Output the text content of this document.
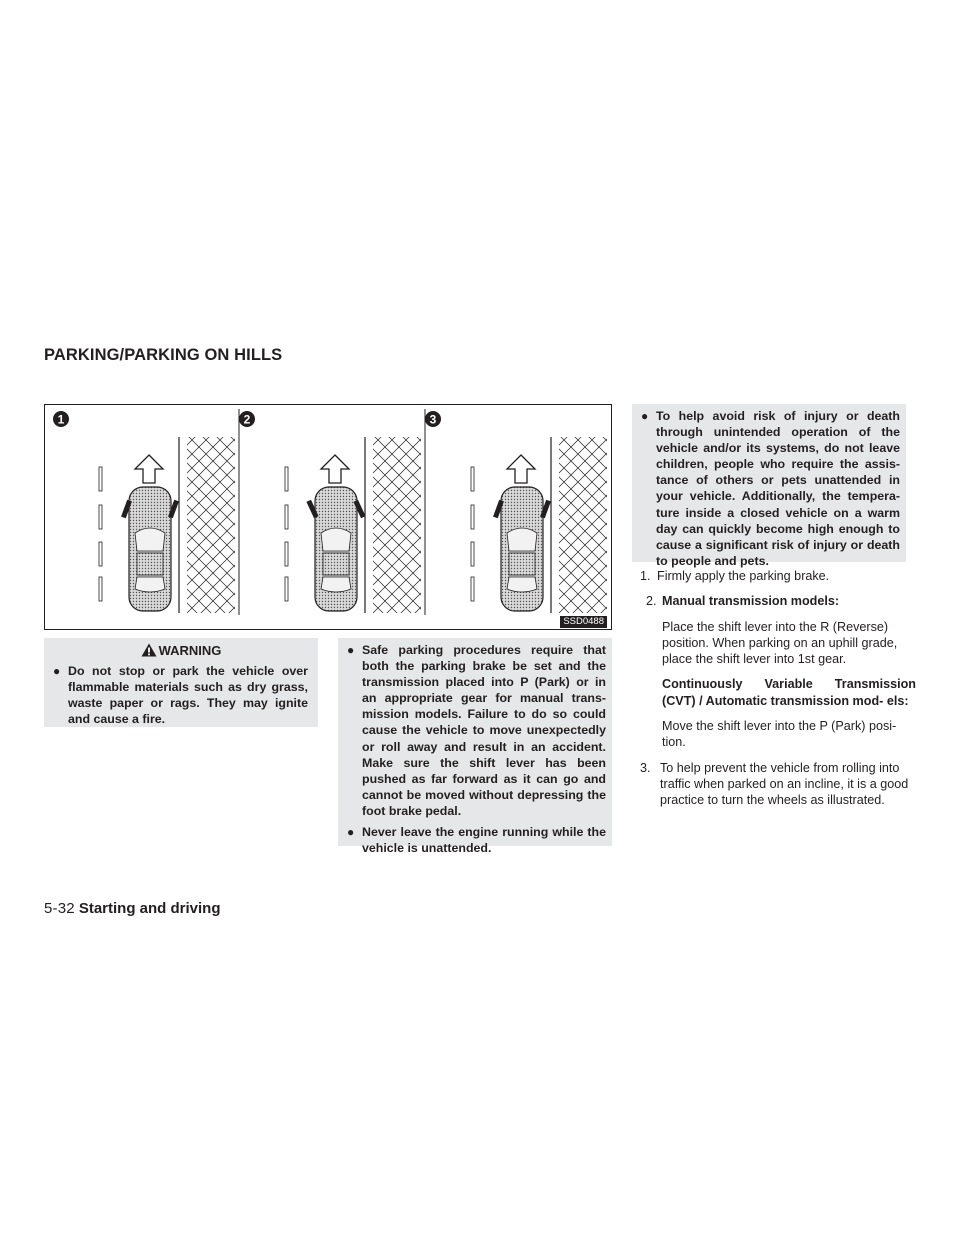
PARKING/PARKING ON HILLS
1	2	3
SSD0488
WARNING
● Do not stop or park the vehicle over flammable materials such as dry grass, waste paper or rags. They may ignite and cause a fire.
● Safe parking procedures require that both the parking brake be set and the transmission placed into P (Park) or in an appropriate gear for manual trans- mission models. Failure to do so could cause the vehicle to move unexpectedly or roll away and result in an accident. Make sure the shift lever has been pushed as far forward as it can go and cannot be moved without depressing the foot brake pedal.
● Never leave the engine running while the vehicle is unattended.
● To help avoid risk of injury or death through unintended operation of the vehicle and/or its systems, do not leave children, people who require the assis- tance of others or pets unattended in your vehicle. Additionally, the tempera- ture inside a closed vehicle on a warm day can quickly become high enough to cause a significant risk of injury or death to people and pets.
1. Firmly apply the parking brake.
2. Manual transmission models:

Place the shift lever into the R (Reverse) position. When parking on an uphill grade, place the shift lever into 1st gear.

Continuously Variable Transmission (CVT) / Automatic transmission mod- els:

Move the shift lever into the P (Park) posi- tion.

3. To help prevent the vehicle from rolling into traffic when parked on an incline, it is a good practice to turn the wheels as illustrated.
5-32 Starting and driving
